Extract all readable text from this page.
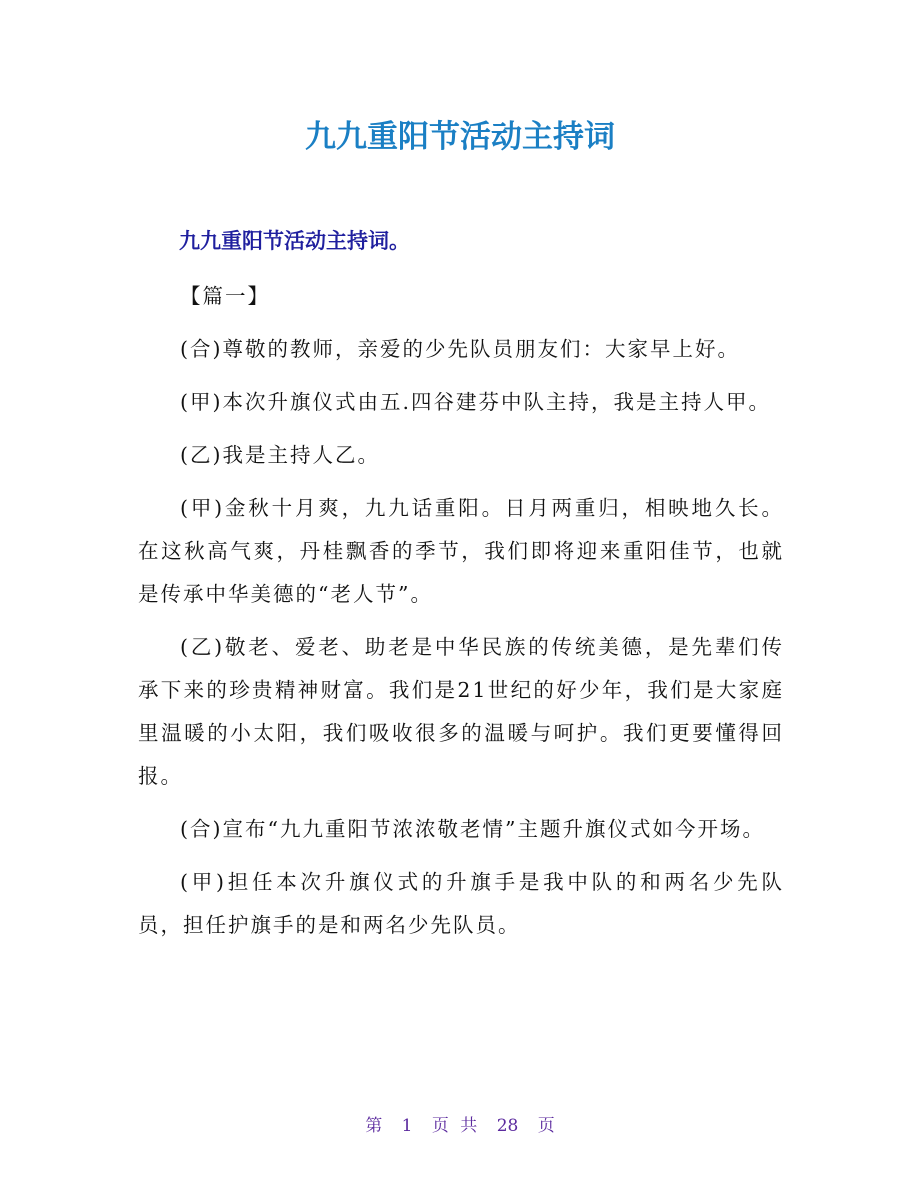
九九重阳节活动主持词
九九重阳节活动主持词。

【篇一】

(合)尊敬的教师，亲爱的少先队员朋友们：大家早上好。

(甲)本次升旗仪式由五.四谷建芬中队主持，我是主持人甲。

(乙)我是主持人乙。

(甲)金秋十月爽，九九话重阳。日月两重归，相映地久长。在这秋高气爽，丹桂飘香的季节，我们即将迎来重阳佳节，也就是传承中华美德的“老人节”。

(乙)敬老、爱老、助老是中华民族的传统美德，是先辈们传承下来的珍贵精神财富。我们是21世纪的好少年，我们是大家庭里温暖的小太阳，我们吸收很多的温暖与呵护。我们更要懂得回报。

(合)宣布“九九重阳节浓浓敬老情”主题升旗仪式如今开场。

(甲)担任本次升旗仪式的升旗手是我中队的和两名少先队员，担任护旗手的是和两名少先队员。

第 1 页 共 28 页
